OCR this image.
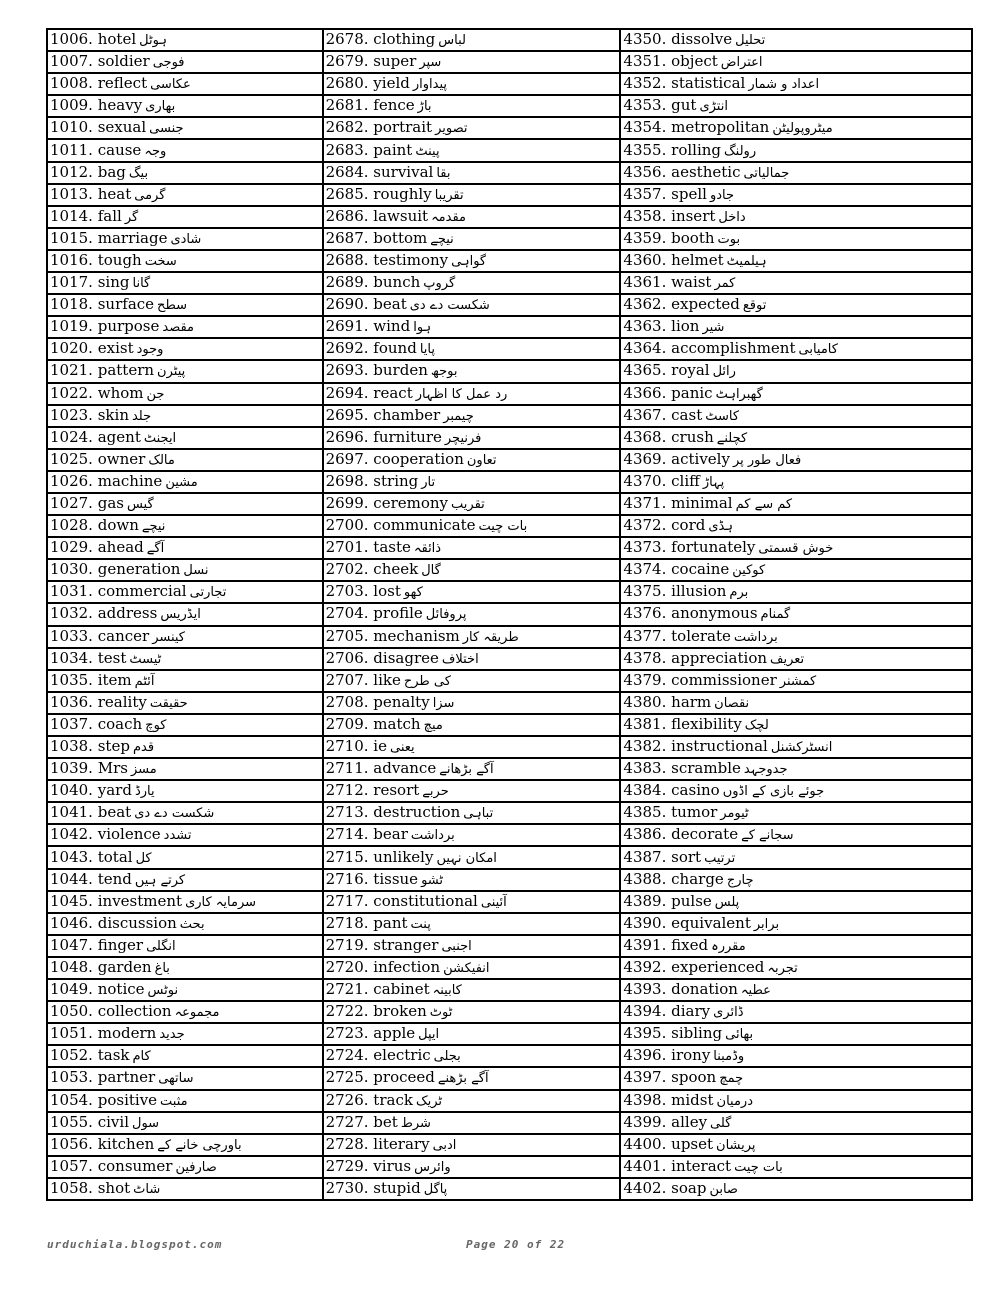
1006. hotel ہوٹل	2678. clothing لباس	4350. dissolve تحلیل
1007. soldier فوجی	2679. super سپر	4351. object اعتراض
1008. reflect عکاسی	2680. yield پیداوار	4352. statistical اعداد و شمار
1009. heavy بھاری	2681. fence باڑ	4353. gut انتڑی
1010. sexual جنسی	2682. portrait تصویر	4354. metropolitan میٹروپولیٹن
1011. cause وجہ	2683. paint پینٹ	4355. rolling رولنگ
1012. bag بیگ	2684. survival بقا	4356. aesthetic جمالیاتی
1013. heat گرمی	2685. roughly تقریبا	4357. spell جادو
1014. fall گر	2686. lawsuit مقدمہ	4358. insert داخل
1015. marriage شادی	2687. bottom نیچے	4359. booth بوت
1016. tough سخت	2688. testimony گواہی	4360. helmet ہیلمیٹ
1017. sing گانا	2689. bunch گروپ	4361. waist کمر
1018. surface سطح	2690. beat شکست دے دی	4362. expected توقع
1019. purpose مقصد	2691. wind ہوا	4363. lion شیر
1020. exist وجود	2692. found پایا	4364. accomplishment کامیابی
1021. pattern پیٹرن	2693. burden بوجھ	4365. royal رائل
1022. whom جن	2694. react رد عمل کا اظہار	4366. panic گھبراہٹ
1023. skin جلد	2695. chamber چیمبر	4367. cast کاسٹ
1024. agent ایجنٹ	2696. furniture فرنیچر	4368. crush کچلنے
1025. owner مالک	2697. cooperation تعاون	4369. actively فعال طور پر
1026. machine مشین	2698. string تار	4370. cliff پہاڑ
1027. gas گیس	2699. ceremony تقریب	4371. minimal کم سے کم
1028. down نیچے	2700. communicate بات چیت	4372. cord ہڈی
1029. ahead آگے	2701. taste ذائقہ	4373. fortunately خوش قسمتی
1030. generation نسل	2702. cheek گال	4374. cocaine کوکین
1031. commercial تجارتی	2703. lost کھو	4375. illusion برم
1032. address ایڈریس	2704. profile پروفائل	4376. anonymous گمنام
1033. cancer کینسر	2705. mechanism طریقہ کار	4377. tolerate برداشت
1034. test ٹیسٹ	2706. disagree اختلاف	4378. appreciation تعریف
1035. item آئٹم	2707. like کی طرح	4379. commissioner کمشنر
1036. reality حقیقت	2708. penalty سزا	4380. harm نقصان
1037. coach کوچ	2709. match میچ	4381. flexibility لچک
1038. step قدم	2710. ie یعنی	4382. instructional انسٹرکشنل
1039. Mrs مسز	2711. advance آگے بڑھانے	4383. scramble جدوجہد
1040. yard یارڈ	2712. resort حربے	4384. casino جوئے بازی کے اڈوں
1041. beat شکست دے دی	2713. destruction تباہی	4385. tumor ٹیومر
1042. violence تشدد	2714. bear برداشت	4386. decorate سجانے کے
1043. total کل	2715. unlikely امکان نہیں	4387. sort ترتیب
1044. tend کرتے ہیں	2716. tissue ٹشو	4388. charge چارج
1045. investment سرمایہ کاری	2717. constitutional آئینی	4389. pulse پلس
1046. discussion بحث	2718. pant پنت	4390. equivalent برابر
1047. finger انگلی	2719. stranger اجنبی	4391. fixed مقررہ
1048. garden باغ	2720. infection انفیکشن	4392. experienced تجربہ
1049. notice نوٹس	2721. cabinet کابینہ	4393. donation عطیہ
1050. collection مجموعہ	2722. broken ٹوٹ	4394. diary ڈائری
1051. modern جدید	2723. apple ایپل	4395. sibling بھائی
1052. task کام	2724. electric بجلی	4396. irony وڈمبنا
1053. partner ساتھی	2725. proceed آگے بڑھنے	4397. spoon چمچ
1054. positive مثبت	2726. track ٹریک	4398. midst درمیان
1055. civil سول	2727. bet شرط	4399. alley گلی
1056. kitchen باورچی خانے کے	2728. literary ادبی	4400. upset پریشان
1057. consumer صارفین	2729. virus وائرس	4401. interact بات چیت
1058. shot شاٹ	2730. stupid پاگل	4402. soap صابن
urduchiala.blogspot.com	Page 20 of 22
